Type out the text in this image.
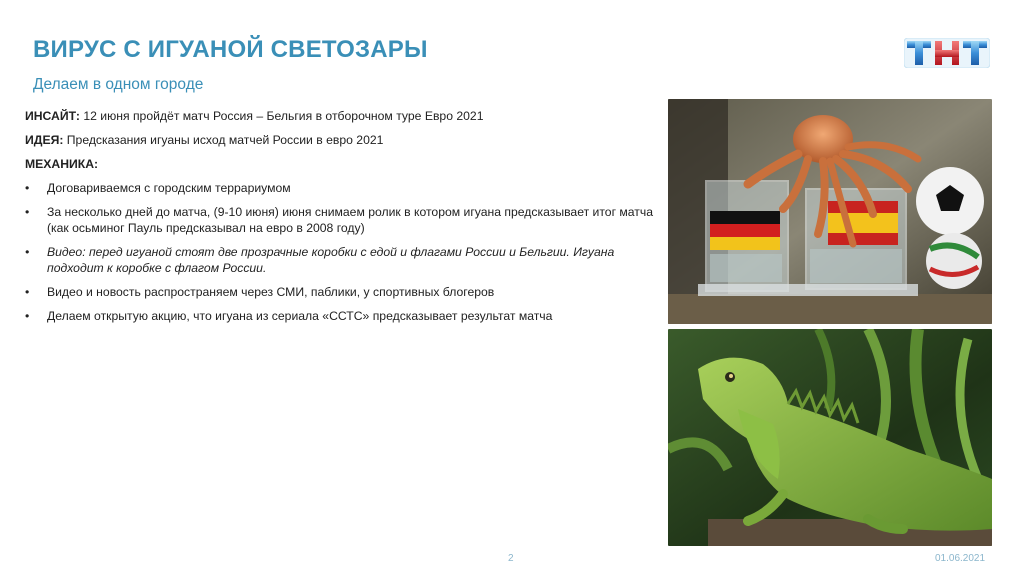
ВИРУС С ИГУАНОЙ СВЕТОЗАРЫ
Делаем в одном городе

ИНСАЙТ: 12 июня пройдёт матч Россия – Бельгия в отборочном туре Евро 2021

ИДЕЯ: Предсказания игуаны исход матчей России в евро 2021

МЕХАНИКА:

• Договариваемся с городским террариумом
• За несколько дней до матча, (9-10 июня) июня снимаем ролик в котором игуана предсказывает итог матча (как осьминог Пауль предсказывал на евро в 2008 году)
• Видео: перед игуаной стоят две прозрачные коробки с едой и флагами России и Бельгии. Игуана подходит к коробке с флагом России.
• Видео и новость распространяем через СМИ, паблики, у спортивных блогеров
• Делаем открытую акцию, что игуана из сериала «ССТС» предсказывает результат матча
2	01.06.2021
